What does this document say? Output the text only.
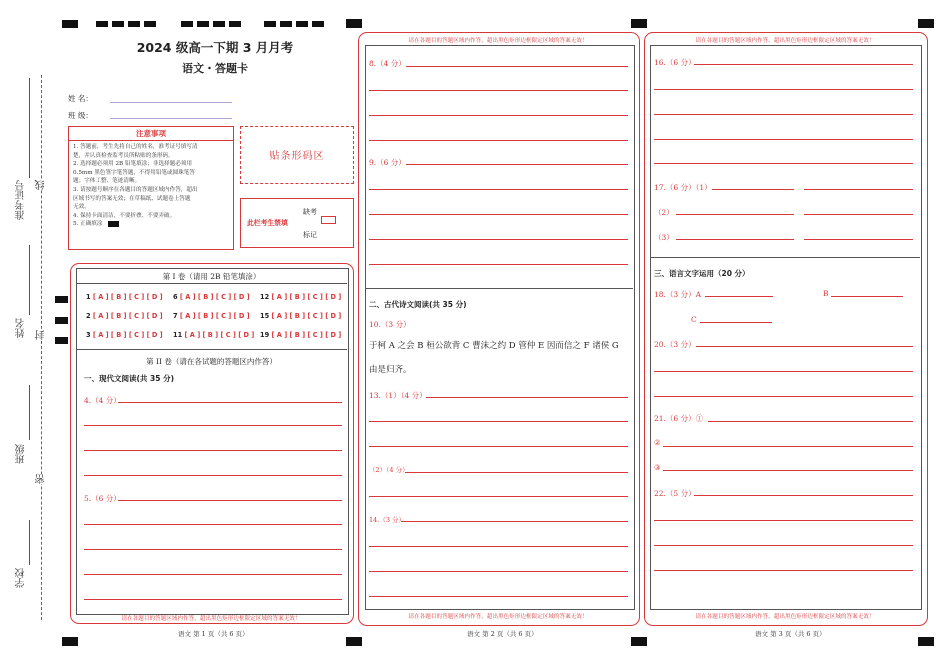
准考证号 线
姓名 封
班级
密
学校
2024 级高一下期 3 月月考
语文・答题卡
姓 名：
班 级：
注意事项
1. 答题前，考生先将自己的姓名，准考证号填写清
楚，并认真检查监考员所粘贴的条形码。
2. 选择题必须用 2B 铅笔填涂；非选择题必须用
0.5mm 黑色签字笔答题，不得用铅笔或圆珠笔答
题；字体工整、笔迹清晰。
3. 请按题号顺序在各题目的答题区域内作答，超出
区域书写的答案无效；在草稿纸、试题卷上答题
无效。
4. 保持卡面清洁，不要折叠、不要弄破。
5. 正确填涂
贴条形码区
此栏考生禁填
缺考
标记
第 I 卷（请用 2B 铅笔填涂）
1 [ A ] [ B ] [ C ] [ D ] 6 [ A ] [ B ] [ C ] [ D ] 12 [ A ] [ B ] [ C ] [ D ]
2 [ A ] [ B ] [ C ] [ D ] 7 [ A ] [ B ] [ C ] [ D ] 15 [ A ] [ B ] [ C ] [ D ]
3 [ A ] [ B ] [ C ] [ D ] 11 [ A ] [ B ] [ C ] [ D ] 19 [ A ] [ B ] [ C ] [ D ]
第 II 卷（请在各试题的答题区内作答）
一、现代文阅读(共 35 分)
4.（4 分）
5.（6 分）
请在各题目的答题区域内作答，超出黑色矩形边框限定区域的答案无效！
语文 第 1 页（共 6 页）
请在各题目的答题区域内作答，超出黑色矩形边框限定区域的答案无效！
8.（4 分）
9.（6 分）
二、古代诗文阅读(共 35 分)
10.（3 分）
于柯 A 之会 B 桓公欲背 C 曹沫之约 D 管仲 E 因而信之 F 诸侯 G
由是归齐。
13.（1）（4 分）
（2）（4 分）
14.（3 分）
请在各题目的答题区域内作答，超出黑色矩形边框限定区域的答案无效！
语文 第 2 页（共 6 页）
请在各题目的答题区域内作答，超出黑色矩形边框限定区域的答案无效！
16.（6 分）
17.（6 分）（1）
（2）
（3）
三、语言文字运用（20 分）
18.（3 分）A	B
C
20.（3 分）
21.（6 分）①
②
③
22.（5 分）
请在各题目的答题区域内作答，超出黑色矩形边框限定区域的答案无效！
语文 第 3 页（共 6 页）
